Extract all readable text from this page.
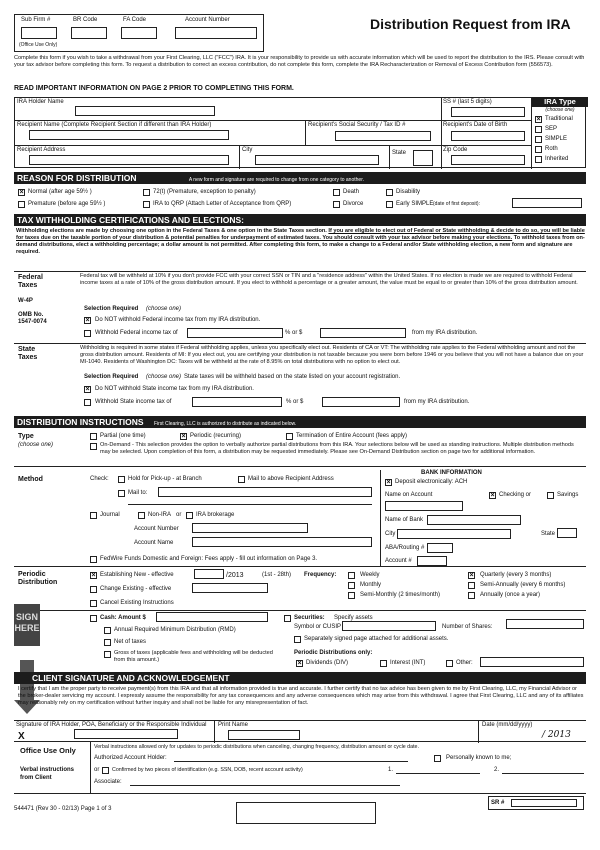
Sub Firm #	BR Code	FA Code	Account Number
(Office Use Only)
Distribution Request from IRA
Complete this form if you wish to take a withdrawal from your First Clearing, LLC ("FCC") IRA. It is your responsibility to provide us with accurate information which will be used to report the distribution to the IRS. Please consult with your tax advisor before completing this form. To request a distribution to correct an excess contribution, do not complete this form, complete the IRA Recharacterization or Removal of Excess Contribution form (556573).
READ IMPORTANT INFORMATION ON PAGE 2 PRIOR TO COMPLETING THIS FORM.
IRA Holder Name	SS # (last 5 digits)	IRA Type
(choose one)
× Traditional
SEP
SIMPLE
Roth
Inherited
Recipient Name (Complete Recipient Section if different than IRA Holder)	Recipient's Social Security / Tax ID #	Recipient's Date of Birth
Recipient Address	City	State	Zip Code
REASON FOR DISTRIBUTION	A new form and signature are required to change from one category to another.
× Normal (after age 59½ )
Premature (before age 59½ )
72(t) (Premature, exception to penalty)
IRA to QRP (Attach Letter of Acceptance from QRP)
Death
Divorce
Disability
Early SIMPLE (date of first deposit):
TAX WITHHOLDING CERTIFICATIONS AND ELECTIONS:
Withholding elections are made by choosing one option in the Federal Taxes & one option in the State Taxes section. If you are eligible to elect out of Federal or State withholding & decide to do so, you will be liable for taxes due on the taxable portion of your distribution & potential penalties for underpayment of estimated taxes. You should consult with your tax advisor before making your elections. To withhold taxes from on-demand distributions, elect a withholding percentage; a dollar amount is not permitted. After completing this form, to make a change to a Federal and/or State withholding election, a new form and signature are required.
Federal
Taxes
W-4P
OMB No.
1547-0074
Federal tax will be withheld at 10% if you don't provide FCC with your correct SSN or TIN and a "residence address" within the United States. If no election is made we are required to withhold Federal income taxes at a rate of 10% of the gross distribution amount. If you elect to withhold a percentage or a greater amount, the value must be equal to or greater than 10% of the gross distribution amount.
Selection Required (choose one)
× Do NOT withhold Federal income tax from my IRA distribution.
Withhold Federal income tax of	% or $	from my IRA distribution.
State
Taxes
Withholding is required in some states if Federal withholding applies, unless you specifically elect out. Residents of CA or VT: The withholding rate applies to the Federal withholding amount and not the gross distribution amount. Residents of MI: If you elect out, you are certifying your distribution is not taxable because you were born before 1946 or you believe that you will not have a balance due on your MI-1040. Residents of Washington DC: Taxes will be withheld at the rate of 8.95% on total distributions with no option to elect out.
Selection Required (choose one) State taxes will be withheld based on the state listed on your account registration.
× Do NOT withhold State income tax from my IRA distribution.
Withhold State income tax of	% or $	from my IRA distribution.
DISTRIBUTION INSTRUCTIONS First Clearing, LLC is authorized to distribute as indicated below.
Type
(choose one)
Partial (one time)	× Periodic (recurring)	Termination of Entire Account (fees apply)
On-Demand - This selection provides the option to verbally authorize partial distributions from this IRA. Your selections below will be used as standing instructions. Multiple distribution methods may be selected. Upon completion of this form, a distribution may be requested immediately. Please see On-Demand Distribution section on page two for additional information.
Method	Check:	Hold for Pick-up - at Branch	Mail to above Recipient Address
Mail to:
Journal	Non-IRA or IRA brokerage
Account Number
Account Name
FedWire Funds Domestic and Foreign: Fees apply - fill out information on Page 3.
BANK INFORMATION
× Deposit electronically: ACH
Name on Account	× Checking or	Savings
Name of Bank
City	State
ABA/Routing #
Account #
Periodic
Distribution
× Establishing New - effective	/2013	(1st - 28th) Frequency:	Weekly
Monthly
Semi-Monthly (2 times/month)
× Quarterly (every 3 months)
Semi-Annually (every 6 months)
Annually (once a year)
Change Existing - effective
Cancel Existing Instructions
Cash: Amount $
Annual Required Minimum Distribution (RMD)
Net of taxes
Gross of taxes (applicable fees and withholding will be deducted from this amount.)
Securities: Specify assets
Symbol or CUSIP	Number of Shares:
Separately signed page attached for additional assets.
Periodic Distributions only:
× Dividends (DIV)	Interest (INT)	Other:
SIGN
HERE
CLIENT SIGNATURE AND ACKNOWLEDGEMENT
I certify that I am the proper party to receive payment(s) from this IRA and that all information provided is true and accurate. I further certify that no tax advice has been given to me by First Clearing, LLC, my Financial Advisor or the broker-dealer servicing my account. I expressly assume the responsibility for any tax consequences and any adverse consequences which may arise from this withdrawal. I agree that First Clearing, LLC and any of its affiliates may reasonably rely on my certification without further inquiry and shall not be liable for any misrepresentation of fact.
Signature of IRA Holder, POA, Beneficiary or the Responsible Individual
X
Print Name	Date (mm/dd/yyyy)
/ 2013
Office Use Only
Verbal instructions from Client
Verbal instructions allowed only for updates to periodic distributions when canceling, changing frequency, distribution amount or cycle date.
Authorized Account Holder:	Personally known to me;
or Confirmed by two pieces of identification (e.g. SSN, DOB, recent account activity)	1.	2.
Associate:
544471 (Rev 30 - 02/13) Page 1 of 3
SR #
